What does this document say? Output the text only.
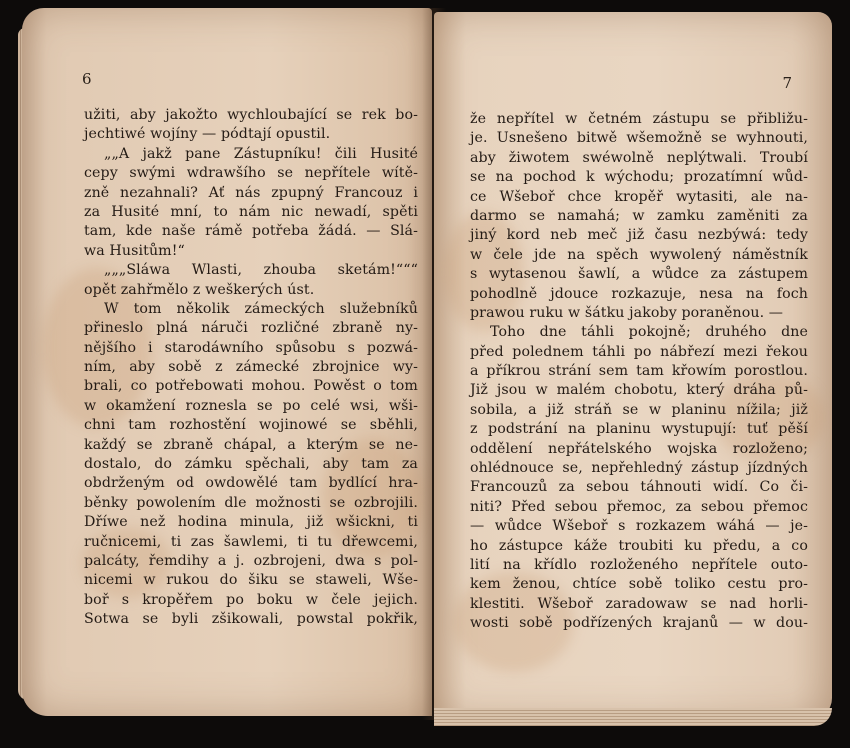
6
užiti, aby jakožto wychloubající se rek bo-
jechtiwé wojíny — pódtají opustil.
„„A jakž pane Zástupníku! čili Husité
cepy swými wdrawšího se nepřítele wítě-
zně nezahnali? Ať nás zpupný Francouz i
za Husité mní, to nám nic newadí, spěti
tam, kde naše rámě potřeba žádá. — Slá-
wa Husitům!“
„„„Sláwa Wlasti, zhouba sketám!“““
opět zahřmělo z weškerých úst.
W tom několik zámeckých služebníků
přineslo plná náruči rozličné zbraně ny-
nějšího i starodáwního spůsobu s pozwá-
ním, aby sobě z zámecké zbrojnice wy-
brali, co potřebowati mohou. Powěst o tom
w okamžení roznesla se po celé wsi, wši-
chni tam rozhostění wojinowé se sběhli,
každý se zbraně chápal, a kterým se ne-
dostalo, do zámku spěchali, aby tam za
obdrženým od owdowělé tam bydlící hra-
běnky powolením dle možnosti se ozbrojili.
Dříwe než hodina minula, již wšickni, ti
ručnicemi, ti zas šawlemi, ti tu dřewcemi,
palcáty, řemdihy a j. ozbrojeni, dwa s pol-
nicemi w rukou do šiku se staweli, Wše-
boř s kropěřem po boku w čele jejich.
Sotwa se byli zšikowali, powstal pokřik,
7
že nepřítel w četném zástupu se přibližu-
je. Usnešeno bitwě wšemožně se wyhnouti,
aby žiwotem swéwolně neplýtwali. Troubí
se na pochod k wýchodu; prozatímní wůd-
ce Wšeboř chce kropěř wytasiti, ale na-
darmo se namahá; w zamku zaměniti za
jiný kord neb meč již času nezbýwá: tedy
w čele jde na spěch wywolený náměstník
s wytasenou šawlí, a wůdce za zástupem
pohodlně jdouce rozkazuje, nesa na foch
prawou ruku w šátku jakoby poraněnou. —
Toho dne táhli pokojně; druhého dne
před polednem táhli po nábřezí mezi řekou
a příkrou strání sem tam křowím porostlou.
Již jsou w malém chobotu, který dráha pů-
sobila, a již stráň se w planinu nížila; již
z podstrání na planinu wystupují: tuť pěší
oddělení nepřátelského wojska rozloženo;
ohlédnouce se, nepřehledný zástup jízdných
Francouzů za sebou táhnouti widí. Co či-
niti? Před sebou přemoc, za sebou přemoc
— wůdce Wšeboř s rozkazem wáhá — je-
ho zástupce káže troubiti ku předu, a co
lití na křídlo rozloženého nepřítele outo-
kem ženou, chtíce sobě toliko cestu pro-
klestiti. Wšeboř zaradowaw se nad horli-
wosti sobě podřízených krajanů — w dou-
